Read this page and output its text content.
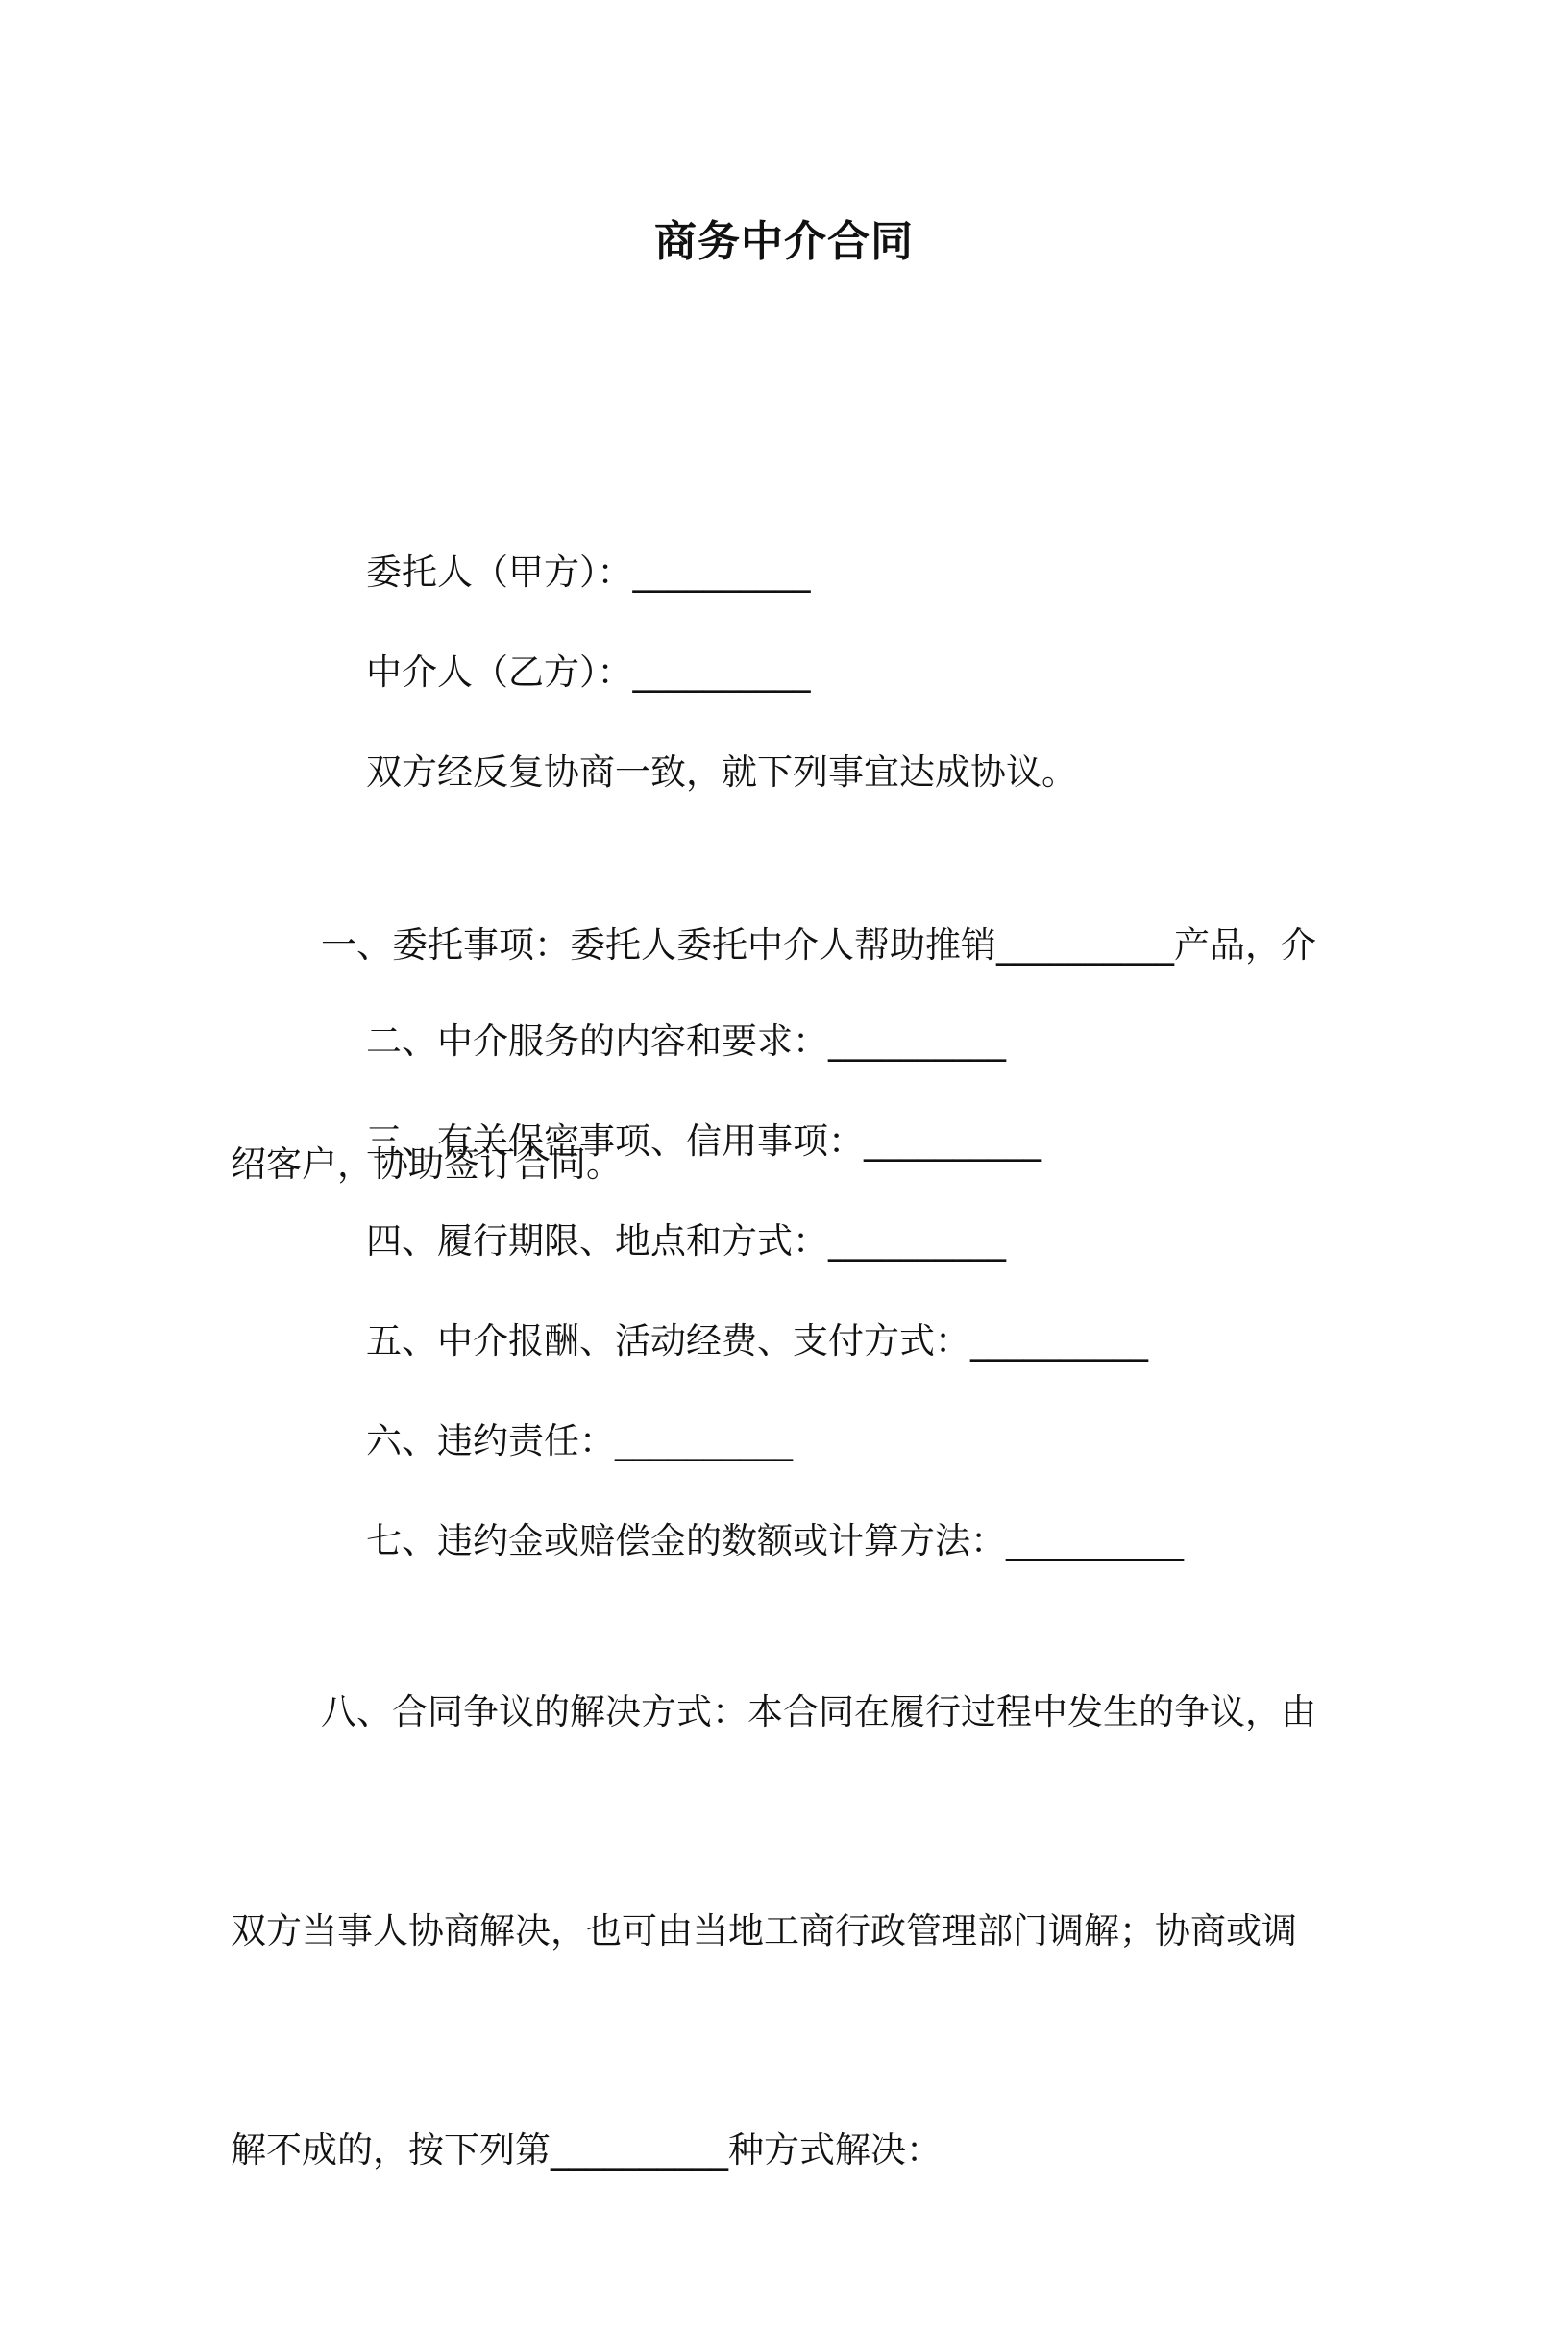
商务中介合同

委托人（甲方）：__________

中介人（乙方）：__________

双方经反复协商一致，就下列事宜达成协议。

一、委托事项：委托人委托中介人帮助推销__________产品，介

绍客户，协助签订合同。

二、中介服务的内容和要求：__________

三、有关保密事项、信用事项：__________

四、履行期限、地点和方式：__________

五、中介报酬、活动经费、支付方式：__________

六、违约责任：__________

七、违约金或赔偿金的数额或计算方法：__________

八、合同争议的解决方式：本合同在履行过程中发生的争议，由

双方当事人协商解决，也可由当地工商行政管理部门调解；协商或调

解不成的，按下列第__________种方式解决：
